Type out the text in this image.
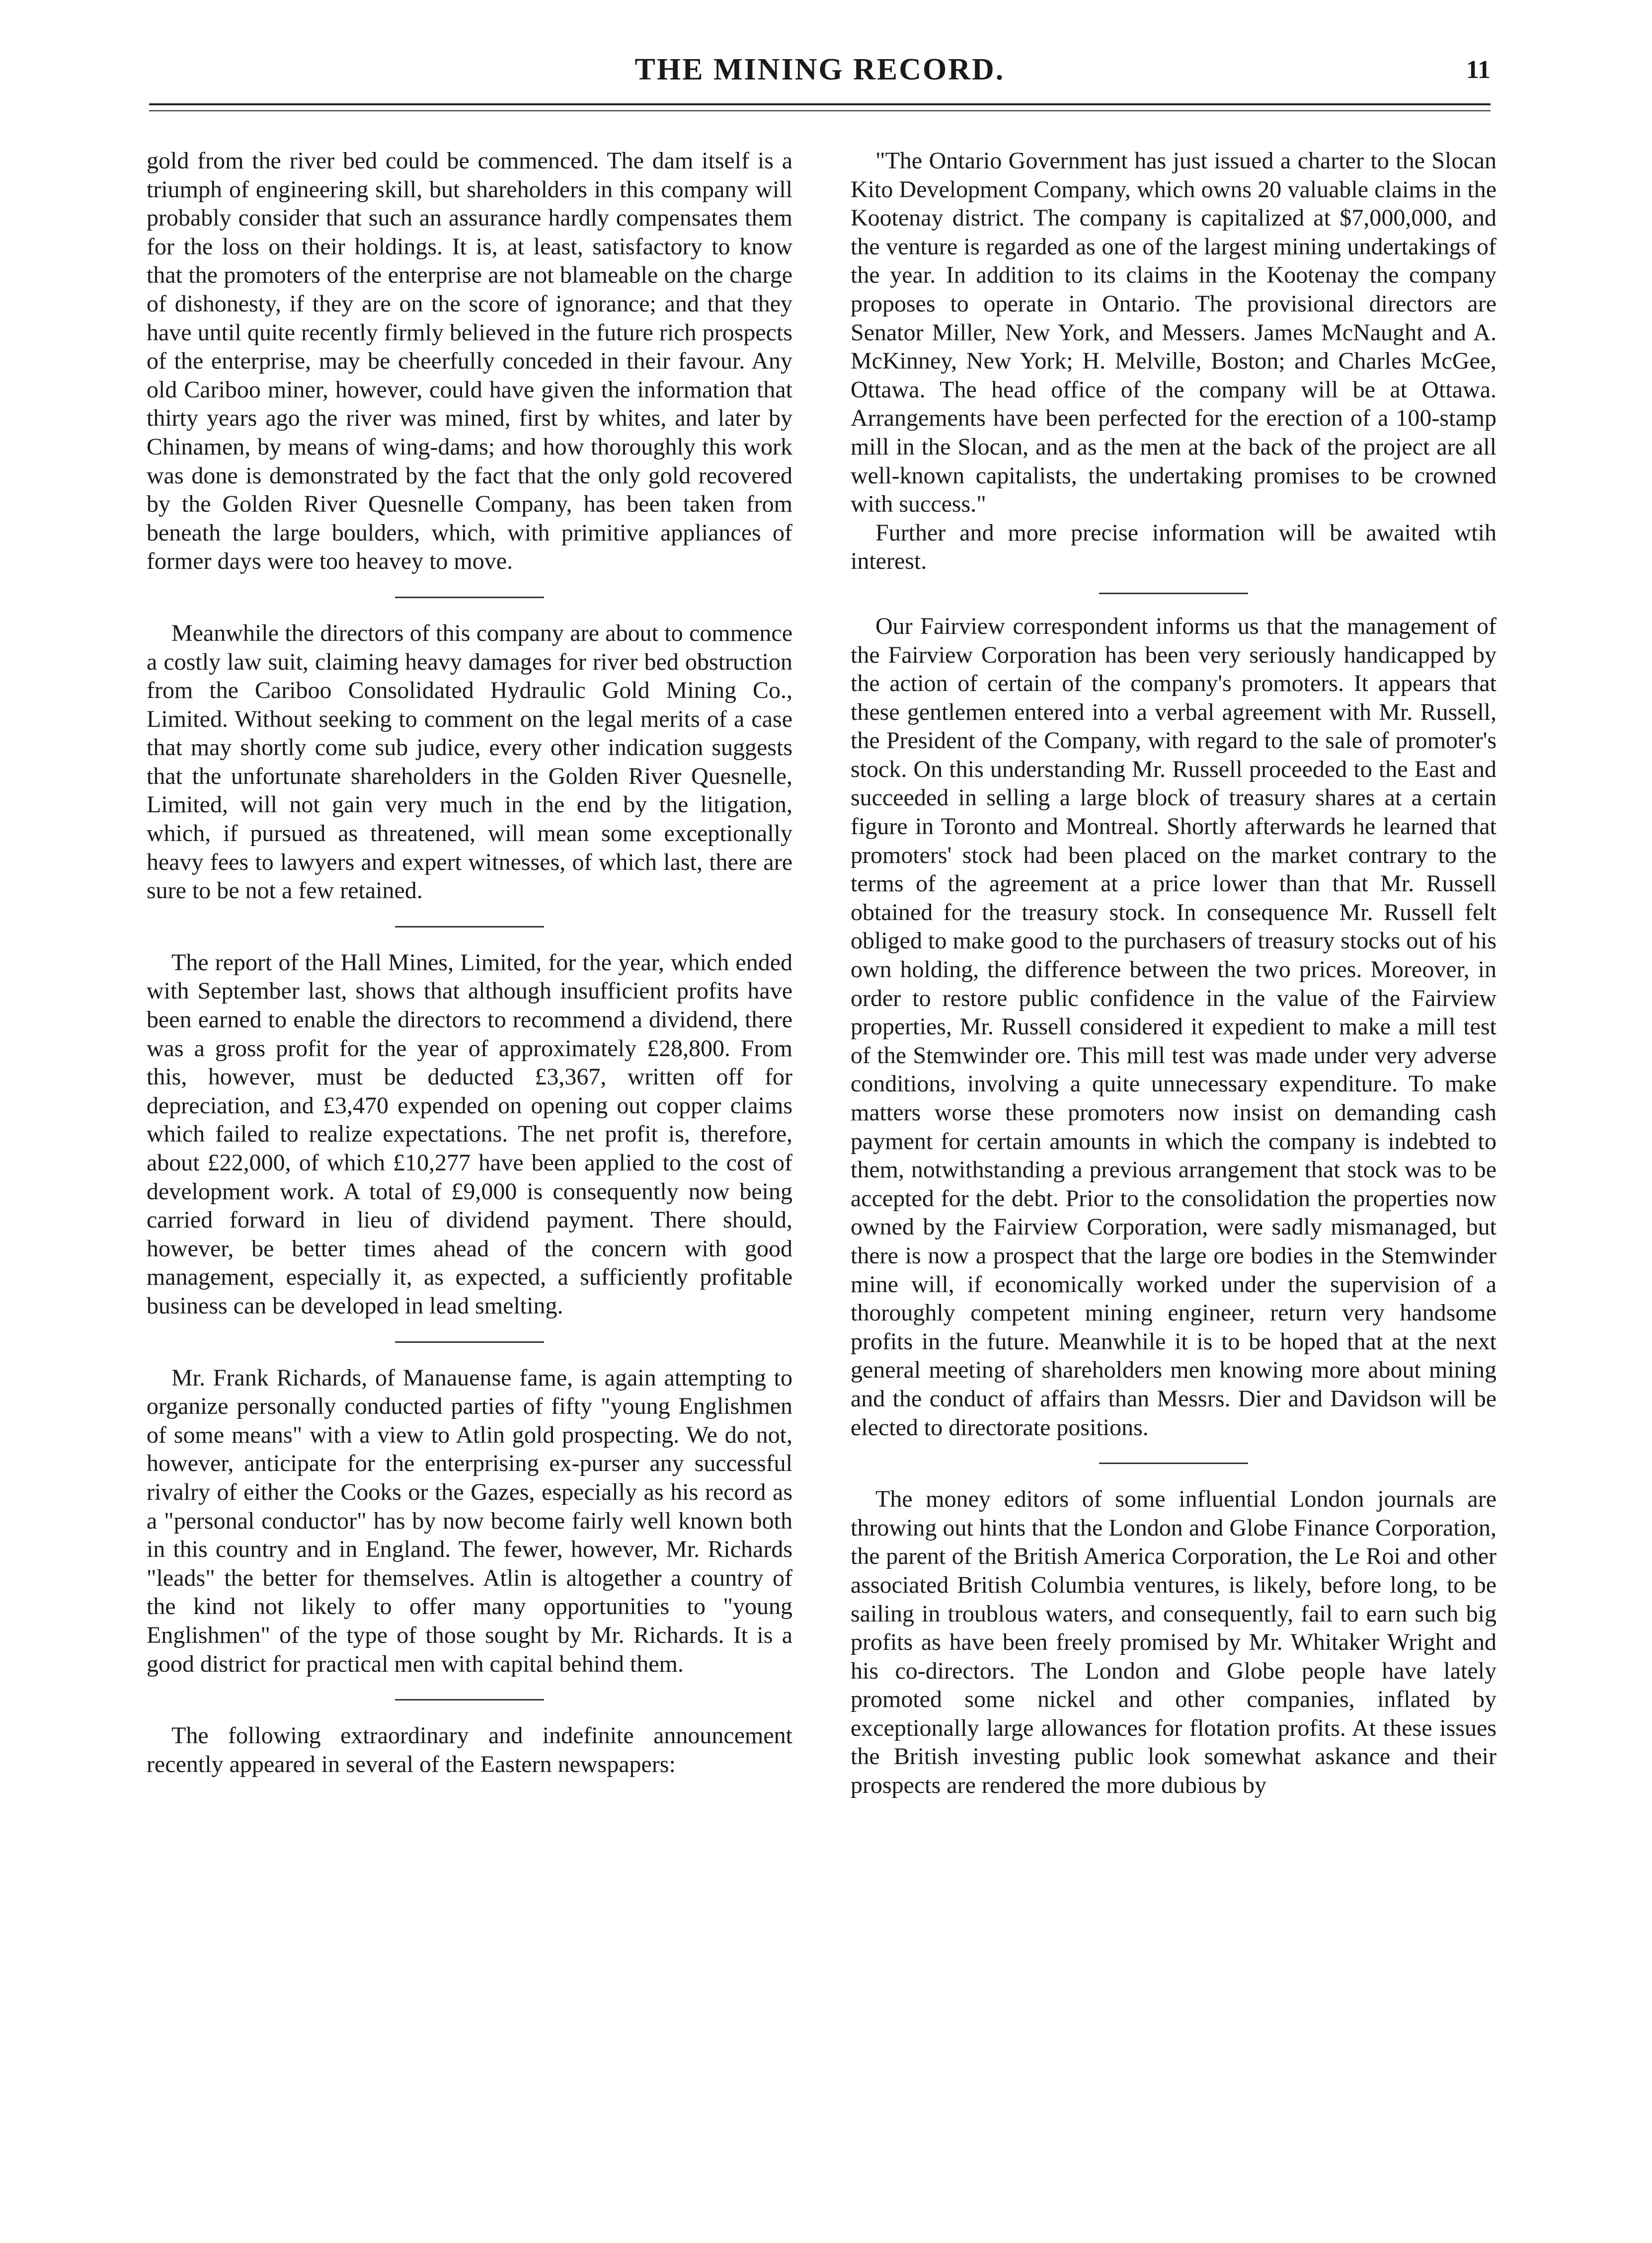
THE MINING RECORD.	11

gold from the river bed could be commenced. The dam itself is a triumph of engineering skill, but shareholders in this company will probably consider that such an assurance hardly compensates them for the loss on their holdings. It is, at least, satisfactory to know that the promoters of the enterprise are not blameable on the charge of dishonesty, if they are on the score of ignorance; and that they have until quite recently firmly believed in the future rich prospects of the enterprise, may be cheerfully conceded in their favour. Any old Cariboo miner, however, could have given the information that thirty years ago the river was mined, first by whites, and later by Chinamen, by means of wing-dams; and how thoroughly this work was done is demonstrated by the fact that the only gold recovered by the Golden River Quesnelle Company, has been taken from beneath the large boulders, which, with primitive appliances of former days were too heavey to move.

Meanwhile the directors of this company are about to commence a costly law suit, claiming heavy damages for river bed obstruction from the Cariboo Consolidated Hydraulic Gold Mining Co., Limited. Without seeking to comment on the legal merits of a case that may shortly come sub judice, every other indication suggests that the unfortunate shareholders in the Golden River Quesnelle, Limited, will not gain very much in the end by the litigation, which, if pursued as threatened, will mean some exceptionally heavy fees to lawyers and expert witnesses, of which last, there are sure to be not a few retained.

The report of the Hall Mines, Limited, for the year, which ended with September last, shows that although insufficient profits have been earned to enable the directors to recommend a dividend, there was a gross profit for the year of approximately £28,800. From this, however, must be deducted £3,367, written off for depreciation, and £3,470 expended on opening out copper claims which failed to realize expectations. The net profit is, therefore, about £22,000, of which £10,277 have been applied to the cost of development work. A total of £9,000 is consequently now being carried forward in lieu of dividend payment. There should, however, be better times ahead of the concern with good management, especially it, as expected, a sufficiently profitable business can be developed in lead smelting.

Mr. Frank Richards, of Manauense fame, is again attempting to organize personally conducted parties of fifty "young Englishmen of some means" with a view to Atlin gold prospecting. We do not, however, anticipate for the enterprising ex-purser any successful rivalry of either the Cooks or the Gazes, especially as his record as a "personal conductor" has by now become fairly well known both in this country and in England. The fewer, however, Mr. Richards "leads" the better for themselves. Atlin is altogether a country of the kind not likely to offer many opportunities to "young Englishmen" of the type of those sought by Mr. Richards. It is a good district for practical men with capital behind them.

The following extraordinary and indefinite announcement recently appeared in several of the Eastern newspapers:

"The Ontario Government has just issued a charter to the Slocan Kito Development Company, which owns 20 valuable claims in the Kootenay district. The company is capitalized at $7,000,000, and the venture is regarded as one of the largest mining undertakings of the year. In addition to its claims in the Kootenay the company proposes to operate in Ontario. The provisional directors are Senator Miller, New York, and Messers. James McNaught and A. McKinney, New York; H. Melville, Boston; and Charles McGee, Ottawa. The head office of the company will be at Ottawa. Arrangements have been perfected for the erection of a 100-stamp mill in the Slocan, and as the men at the back of the project are all well-known capitalists, the undertaking promises to be crowned with success."

Further and more precise information will be awaited wtih interest.

Our Fairview correspondent informs us that the management of the Fairview Corporation has been very seriously handicapped by the action of certain of the company's promoters. It appears that these gentlemen entered into a verbal agreement with Mr. Russell, the President of the Company, with regard to the sale of promoter's stock. On this understanding Mr. Russell proceeded to the East and succeeded in selling a large block of treasury shares at a certain figure in Toronto and Montreal. Shortly afterwards he learned that promoters' stock had been placed on the market contrary to the terms of the agreement at a price lower than that Mr. Russell obtained for the treasury stock. In consequence Mr. Russell felt obliged to make good to the purchasers of treasury stocks out of his own holding, the difference between the two prices. Moreover, in order to restore public confidence in the value of the Fairview properties, Mr. Russell considered it expedient to make a mill test of the Stemwinder ore. This mill test was made under very adverse conditions, involving a quite unnecessary expenditure. To make matters worse these promoters now insist on demanding cash payment for certain amounts in which the company is indebted to them, notwithstanding a previous arrangement that stock was to be accepted for the debt. Prior to the consolidation the properties now owned by the Fairview Corporation, were sadly mismanaged, but there is now a prospect that the large ore bodies in the Stemwinder mine will, if economically worked under the supervision of a thoroughly competent mining engineer, return very handsome profits in the future. Meanwhile it is to be hoped that at the next general meeting of shareholders men knowing more about mining and the conduct of affairs than Messrs. Dier and Davidson will be elected to directorate positions.

The money editors of some influential London journals are throwing out hints that the London and Globe Finance Corporation, the parent of the British America Corporation, the Le Roi and other associated British Columbia ventures, is likely, before long, to be sailing in troublous waters, and consequently, fail to earn such big profits as have been freely promised by Mr. Whitaker Wright and his co-directors. The London and Globe people have lately promoted some nickel and other companies, inflated by exceptionally large allowances for flotation profits. At these issues the British investing public look somewhat askance and their prospects are rendered the more dubious by
